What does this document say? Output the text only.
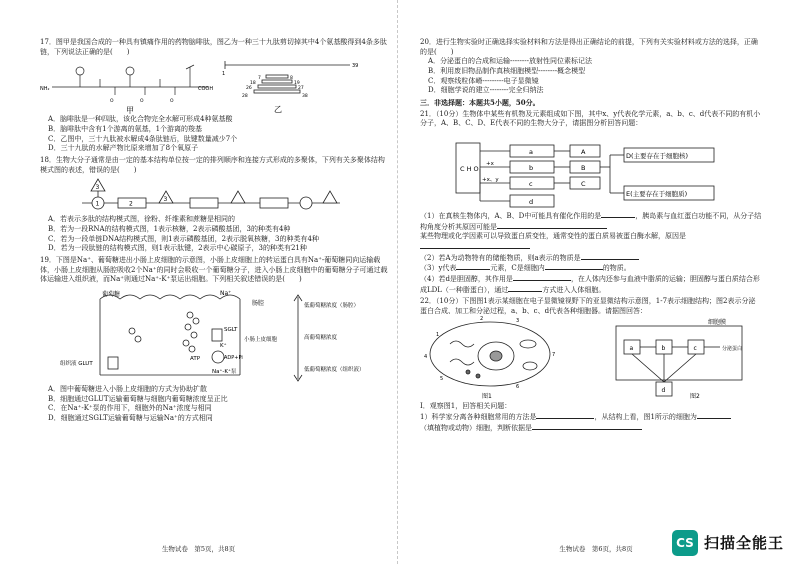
17．图甲是我国合成的一种具有镇痛作用的药物脑啡肽，图乙为一种三十九肽剪切掉其中4个氨基酸得到4条多肽链，下列说法正确的是(　　)

NH₂	COOH
O	O	O
甲
1
39
7	8
18	19
26	27
28	38
乙

A．脑啡肽是一种四肽，该化合物完全水解可形成4种氨基酸

B．脑啡肽中含有1个游离的氨基，1个游离的羧基

C．乙图中，三十九肽被水解成4条肽链后，肽键数量减少7个

D．三十九肽的水解产物比原来增加了8个氧原子

18．生物大分子通常是由一定的基本结构单位按一定的排列顺序和连接方式形成的多聚体，下列有关多聚体结构模式图的表述，错误的是(　　)

3
1	2
3

A．若表示多肽的结构模式图，徐粉、纤维素和蔗糖是相同的

B．若为一段RNA的结构模式图，1表示核糖，2表示磷酸基团，3的种类有4种

C．若为一段单链DNA结构模式图，则1表示磷酸基团，2表示脱氧核糖，3的种类有4种

D．若为一段肽链的结构模式图，则1表示肽键，2表示中心碳原子，3的种类有21种

19．下图是Na⁺、葡萄糖进出小肠上皮细胞的示意图，小肠上皮细胞上的转运蛋白具有Na⁺-葡萄糖同向运输载体，小肠上皮细胞从肠腔吸收2个Na⁺的同时会吸收一个葡萄糖分子，进入小肠上皮细胞中的葡萄糖分子可通过载体运输进入组织液，而Na⁺则通过Na⁺-K⁺泵运出细胞。下列相关叙述错误的是(　　)

葡萄糖	Na⁺
肠腔
SGLT
小肠上皮细胞
K⁺
ATP	ADP+Pi
Na⁺-K⁺泵
组织液 GLUT
低葡萄糖浓度（肠腔）
高葡萄糖浓度
低葡萄糖浓度（组织液）

A．图中葡萄糖进入小肠上皮细胞的方式为协助扩散

B．细胞通过GLUT运输葡萄糖与细胞内葡萄糖浓度呈正比

C．在Na⁺-K⁺泵的作用下，细胞外的Na⁺浓度与相同

D．细胞通过SGLT运输葡萄糖与运输Na⁺的方式相同

生物试卷　第5页，共8页

20．进行生物实验时正确选择实验材料和方法是得出正确结论的前提，下列有关实验材料或方法的选择，正确的是(　　)

A．分泌蛋白的合成和运输--------放射性同位素标记法

B．利用废旧物品制作真核细胞模型--------概念模型

C．观察线粒体嵴---------电子显微镜

D．细胞学说的建立--------完全归纳法

三．非选择题：本题共5小题，50分。

21．（10分）生物体中某些有机物及元素组成如下图，其中x、y代表化学元素，a、b、c、d代表不同的有机小分子，A、B、C、D、E代表不同的生物大分子，请据图分析回答问题：

C H O
+x
+x、y
a	A
b	B
c	C
d
D(主要存在于细胞核)
E(主要存在于细胞质)

（1）在真核生物体内，A、B、D中可能具有催化作用的是	，胰岛素与血红蛋白功能不同，从分子结构角度分析其原因可能是

某些物理或化学因素可以导致蛋白质变性，通常变性的蛋白质易被蛋白酶水解，原因是

（2）若A为动物特有的储能物质，则a表示的物质是

（3）y代表	元素，C是细胞内	的物质。

（4）若d是胆固醇，其作用是	，在人体内还参与血液中脂质的运输；胆固醇与蛋白质结合形成LDL（一种脂蛋白），通过	方式进入人体细胞。

22．（10分）下图图1表示某细胞在电子显微镜视野下的亚显微结构示意图，1-7表示细胞结构；图2表示分泌蛋白合成、加工和分泌过程，a、b、c、d代表各种细胞器。请据图回答：

1
2	3
4
5
6
7
图1
细胞膜
a	b	c
d
分泌蛋白
图2

Ⅰ．观察图1，回答相关问题：

1）科学家分离各种细胞常用的方法是	，从结构上看，图1所示的细胞为

（填植物或动物）细胞，判断依据是

生物试卷　第6页，共8页	CS 扫描全能王
